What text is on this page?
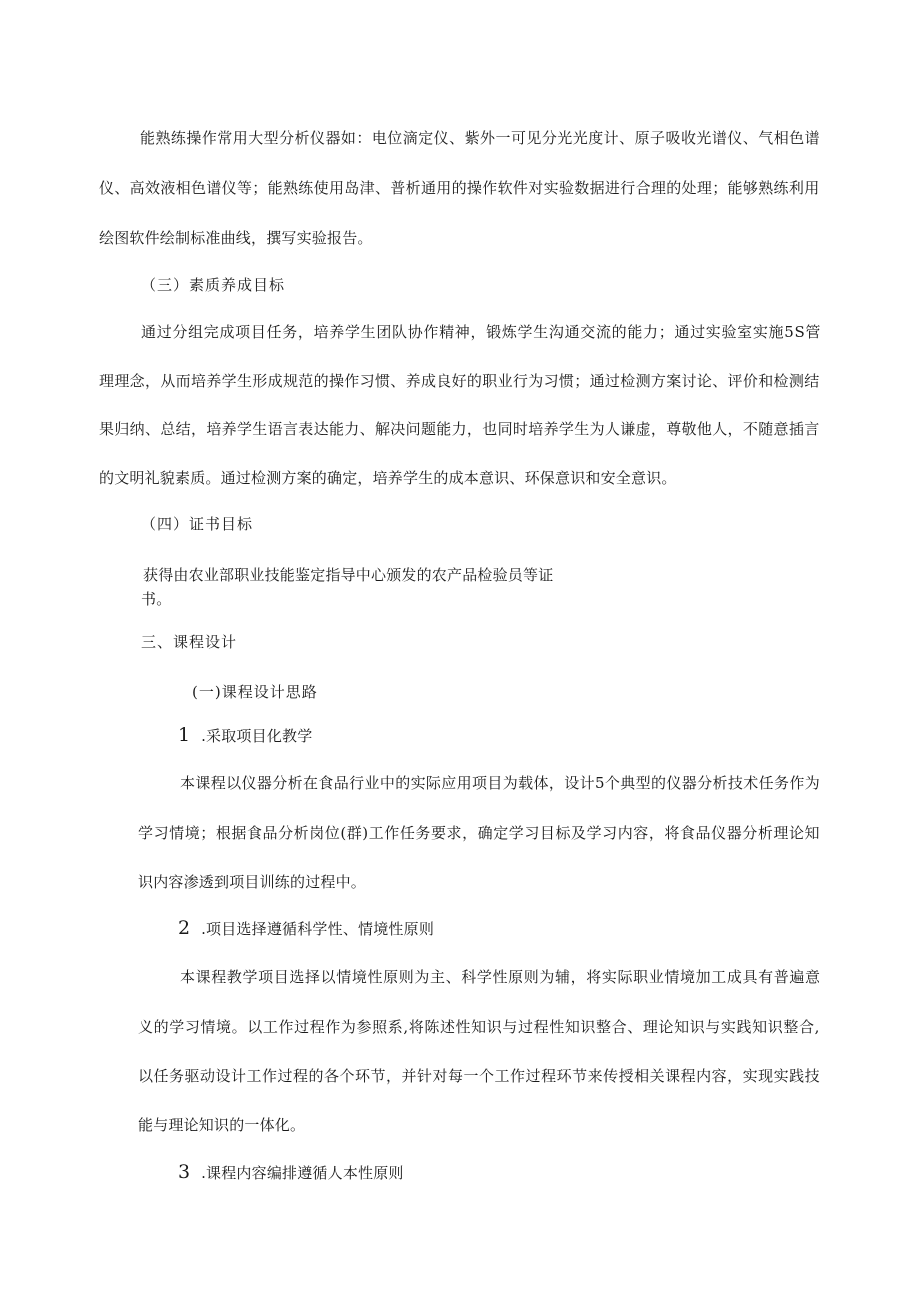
能熟练操作常用大型分析仪器如：电位滴定仪、紫外一可见分光光度计、原子吸收光谱仪、气相色谱
仪、高效液相色谱仪等；能熟练使用岛津、普析通用的操作软件对实验数据进行合理的处理；能够熟练利用
绘图软件绘制标准曲线，撰写实验报告。
（三）素质养成目标
通过分组完成项目任务，培养学生团队协作精神，锻炼学生沟通交流的能力；通过实验室实施5S管
理理念，从而培养学生形成规范的操作习惯、养成良好的职业行为习惯；通过检测方案讨论、评价和检测结
果归纳、总结，培养学生语言表达能力、解决问题能力，也同时培养学生为人谦虚，尊敬他人，不随意插言
的文明礼貌素质。通过检测方案的确定，培养学生的成本意识、环保意识和安全意识。
（四）证书目标
获得由农业部职业技能鉴定指导中心颁发的农产品检验员等证
书。
三、课程设计
(一)课程设计思路
1 .采取项目化教学
本课程以仪器分析在食品行业中的实际应用项目为载体，设计5个典型的仪器分析技术任务作为
学习情境；根据食品分析岗位(群)工作任务要求，确定学习目标及学习内容，将食品仪器分析理论知
识内容渗透到项目训练的过程中。
2 .项目选择遵循科学性、情境性原则
本课程教学项目选择以情境性原则为主、科学性原则为辅，将实际职业情境加工成具有普遍意
义的学习情境。以工作过程作为参照系,将陈述性知识与过程性知识整合、理论知识与实践知识整合,
以任务驱动设计工作过程的各个环节，并针对每一个工作过程环节来传授相关课程内容，实现实践技
能与理论知识的一体化。
3 .课程内容编排遵循人本性原则
